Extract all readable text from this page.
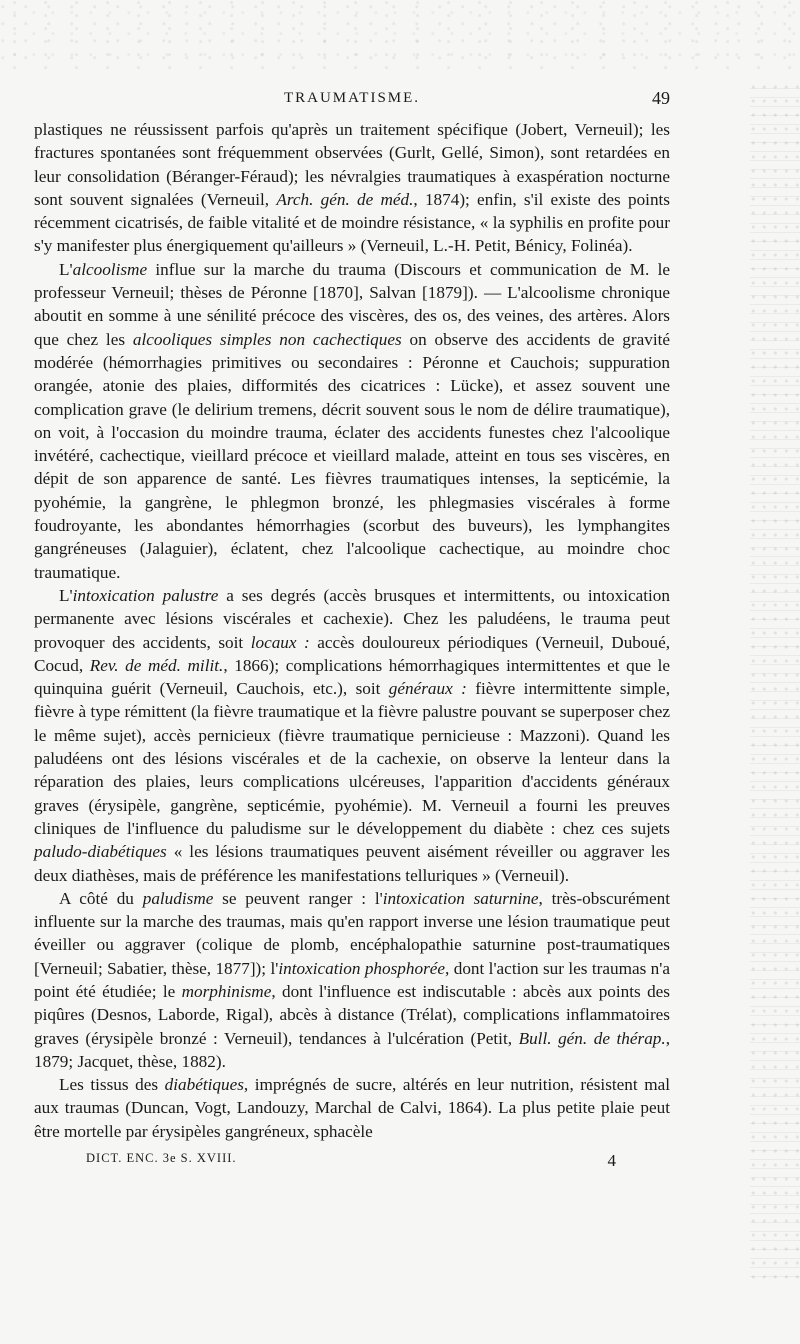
TRAUMATISME.	49

plastiques ne réussissent parfois qu'après un traitement spécifique (Jobert, Verneuil); les fractures spontanées sont fréquemment observées (Gurlt, Gellé, Simon), sont retardées en leur consolidation (Béranger-Féraud); les névralgies traumatiques à exaspération nocturne sont souvent signalées (Verneuil, Arch. gén. de méd., 1874); enfin, s'il existe des points récemment cicatrisés, de faible vitalité et de moindre résistance, « la syphilis en profite pour s'y manifester plus énergiquement qu'ailleurs » (Verneuil, L.-H. Petit, Bénicy, Folinéa).

L'alcoolisme influe sur la marche du trauma (Discours et communication de M. le professeur Verneuil; thèses de Péronne [1870], Salvan [1879]). — L'alcoolisme chronique aboutit en somme à une sénilité précoce des viscères, des os, des veines, des artères. Alors que chez les alcooliques simples non cachectiques on observe des accidents de gravité modérée (hémorrhagies primitives ou secondaires : Péronne et Cauchois; suppuration orangée, atonie des plaies, difformités des cicatrices : Lücke), et assez souvent une complication grave (le delirium tremens, décrit souvent sous le nom de délire traumatique), on voit, à l'occasion du moindre trauma, éclater des accidents funestes chez l'alcoolique invétéré, cachectique, vieillard précoce et vieillard malade, atteint en tous ses viscères, en dépit de son apparence de santé. Les fièvres traumatiques intenses, la septicémie, la pyohémie, la gangrène, le phlegmon bronzé, les phlegmasies viscérales à forme foudroyante, les abondantes hémorrhagies (scorbut des buveurs), les lymphangites gangréneuses (Jalaguier), éclatent, chez l'alcoolique cachectique, au moindre choc traumatique.

L'intoxication palustre a ses degrés (accès brusques et intermittents, ou intoxication permanente avec lésions viscérales et cachexie). Chez les paludéens, le trauma peut provoquer des accidents, soit locaux : accès douloureux périodiques (Verneuil, Duboué, Cocud, Rev. de méd. milit., 1866); complications hémorrhagiques intermittentes et que le quinquina guérit (Verneuil, Cauchois, etc.), soit généraux : fièvre intermittente simple, fièvre à type rémittent (la fièvre traumatique et la fièvre palustre pouvant se superposer chez le même sujet), accès pernicieux (fièvre traumatique pernicieuse : Mazzoni). Quand les paludéens ont des lésions viscérales et de la cachexie, on observe la lenteur dans la réparation des plaies, leurs complications ulcéreuses, l'apparition d'accidents généraux graves (érysipèle, gangrène, septicémie, pyohémie). M. Verneuil a fourni les preuves cliniques de l'influence du paludisme sur le développement du diabète : chez ces sujets paludo-diabétiques « les lésions traumatiques peuvent aisément réveiller ou aggraver les deux diathèses, mais de préférence les manifestations telluriques » (Verneuil).

A côté du paludisme se peuvent ranger : l'intoxication saturnine, très-obscurément influente sur la marche des traumas, mais qu'en rapport inverse une lésion traumatique peut éveiller ou aggraver (colique de plomb, encéphalopathie saturnine post-traumatiques [Verneuil; Sabatier, thèse, 1877]); l'intoxication phosphorée, dont l'action sur les traumas n'a point été étudiée; le morphinisme, dont l'influence est indiscutable : abcès aux points des piqûres (Desnos, Laborde, Rigal), abcès à distance (Trélat), complications inflammatoires graves (érysipèle bronzé : Verneuil), tendances à l'ulcération (Petit, Bull. gén. de thérap., 1879; Jacquet, thèse, 1882).

Les tissus des diabétiques, imprégnés de sucre, altérés en leur nutrition, résistent mal aux traumas (Duncan, Vogt, Landouzy, Marchal de Calvi, 1864). La plus petite plaie peut être mortelle par érysipèles gangréneux, sphacèle

DICT. ENC. 3e S. XVIII.	4
